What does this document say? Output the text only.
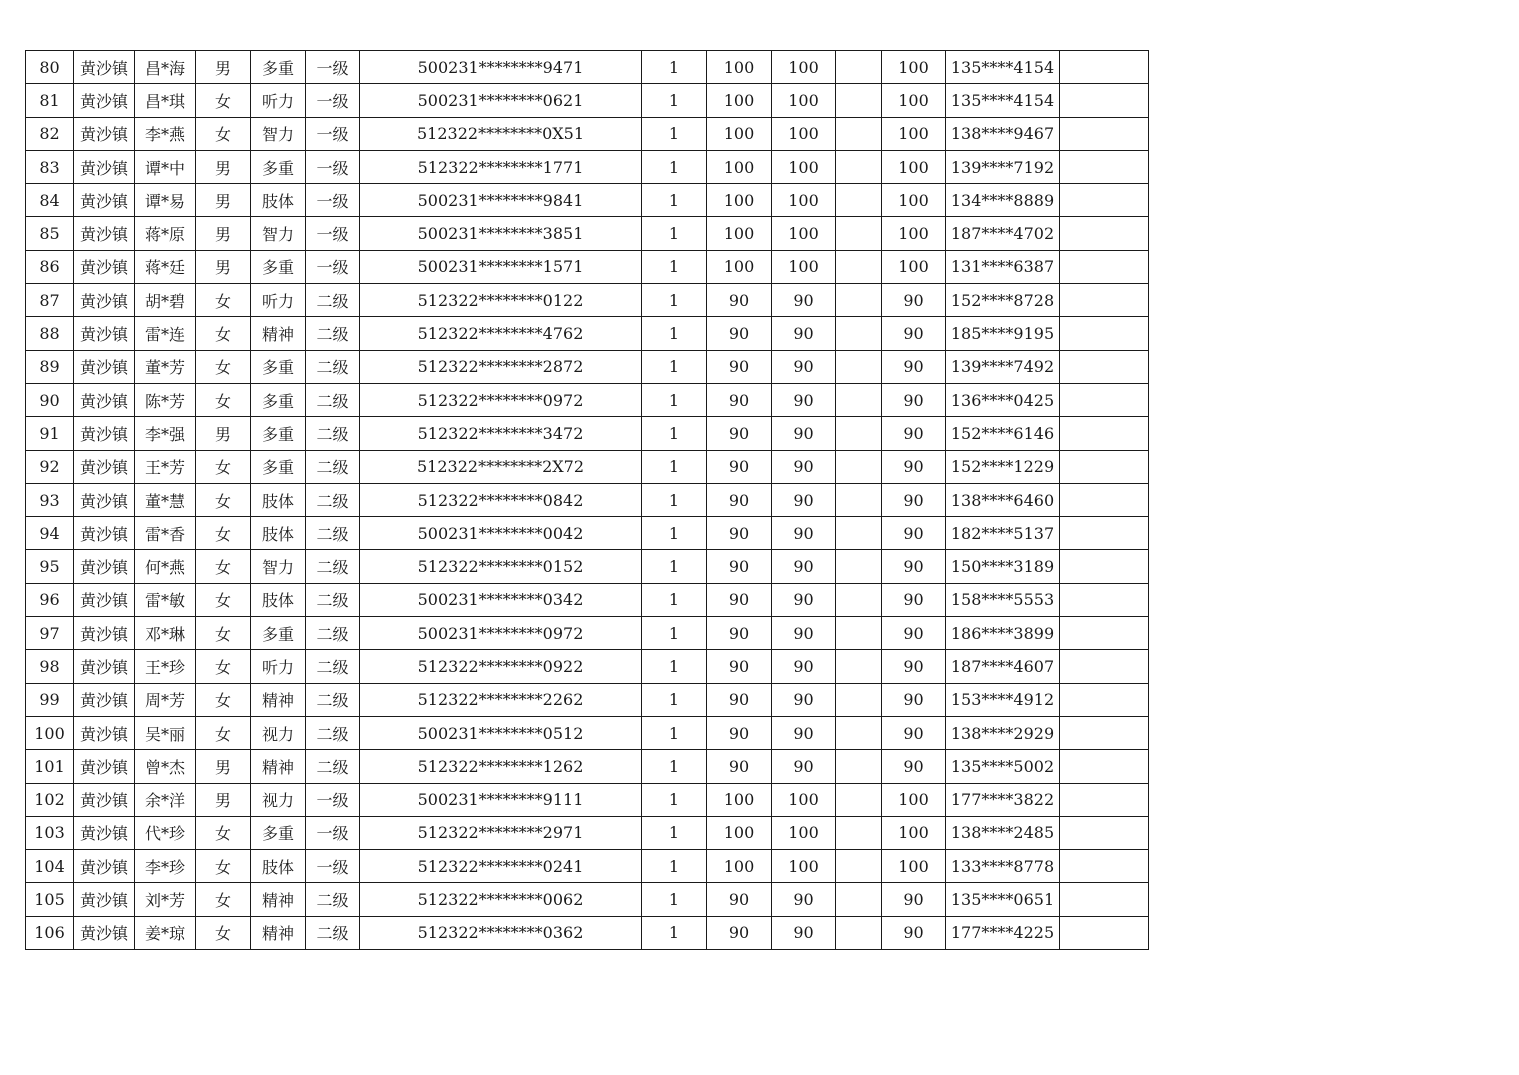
80	黄沙镇	昌*海	男	多重	一级	500231********9471	1	100	100		100	135****4154	
81	黄沙镇	昌*琪	女	听力	一级	500231********0621	1	100	100		100	135****4154	
82	黄沙镇	李*燕	女	智力	一级	512322********0X51	1	100	100		100	138****9467	
83	黄沙镇	谭*中	男	多重	一级	512322********1771	1	100	100		100	139****7192	
84	黄沙镇	谭*易	男	肢体	一级	500231********9841	1	100	100		100	134****8889	
85	黄沙镇	蒋*原	男	智力	一级	500231********3851	1	100	100		100	187****4702	
86	黄沙镇	蒋*廷	男	多重	一级	500231********1571	1	100	100		100	131****6387	
87	黄沙镇	胡*碧	女	听力	二级	512322********0122	1	90	90		90	152****8728	
88	黄沙镇	雷*连	女	精神	二级	512322********4762	1	90	90		90	185****9195	
89	黄沙镇	董*芳	女	多重	二级	512322********2872	1	90	90		90	139****7492	
90	黄沙镇	陈*芳	女	多重	二级	512322********0972	1	90	90		90	136****0425	
91	黄沙镇	李*强	男	多重	二级	512322********3472	1	90	90		90	152****6146	
92	黄沙镇	王*芳	女	多重	二级	512322********2X72	1	90	90		90	152****1229	
93	黄沙镇	董*慧	女	肢体	二级	512322********0842	1	90	90		90	138****6460	
94	黄沙镇	雷*香	女	肢体	二级	500231********0042	1	90	90		90	182****5137	
95	黄沙镇	何*燕	女	智力	二级	512322********0152	1	90	90		90	150****3189	
96	黄沙镇	雷*敏	女	肢体	二级	500231********0342	1	90	90		90	158****5553	
97	黄沙镇	邓*琳	女	多重	二级	500231********0972	1	90	90		90	186****3899	
98	黄沙镇	王*珍	女	听力	二级	512322********0922	1	90	90		90	187****4607	
99	黄沙镇	周*芳	女	精神	二级	512322********2262	1	90	90		90	153****4912	
100	黄沙镇	吴*丽	女	视力	二级	500231********0512	1	90	90		90	138****2929	
101	黄沙镇	曾*杰	男	精神	二级	512322********1262	1	90	90		90	135****5002	
102	黄沙镇	余*洋	男	视力	一级	500231********9111	1	100	100		100	177****3822	
103	黄沙镇	代*珍	女	多重	一级	512322********2971	1	100	100		100	138****2485	
104	黄沙镇	李*珍	女	肢体	一级	512322********0241	1	100	100		100	133****8778	
105	黄沙镇	刘*芳	女	精神	二级	512322********0062	1	90	90		90	135****0651	
106	黄沙镇	姜*琼	女	精神	二级	512322********0362	1	90	90		90	177****4225	
